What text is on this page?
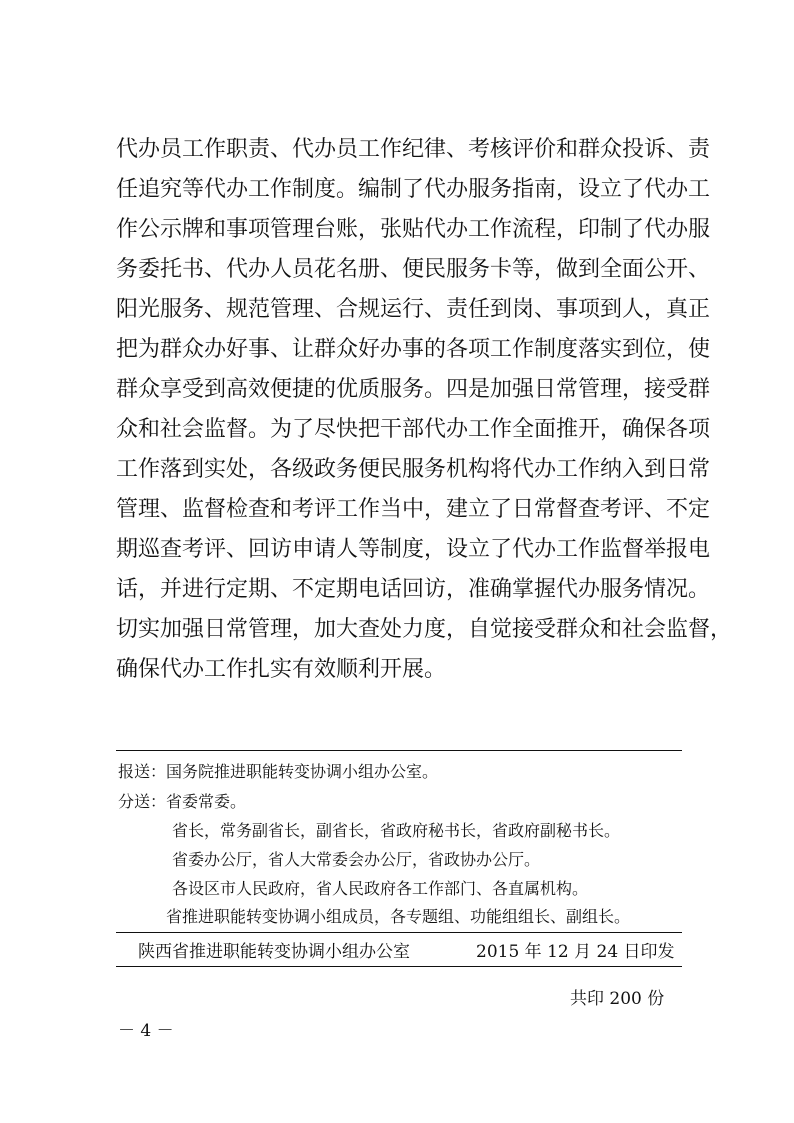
代办员工作职责、代办员工作纪律、考核评价和群众投诉、责
任追究等代办工作制度。编制了代办服务指南，设立了代办工
作公示牌和事项管理台账，张贴代办工作流程，印制了代办服
务委托书、代办人员花名册、便民服务卡等，做到全面公开、
阳光服务、规范管理、合规运行、责任到岗、事项到人，真正
把为群众办好事、让群众好办事的各项工作制度落实到位，使
群众享受到高效便捷的优质服务。四是加强日常管理，接受群
众和社会监督。为了尽快把干部代办工作全面推开，确保各项
工作落到实处，各级政务便民服务机构将代办工作纳入到日常
管理、监督检查和考评工作当中，建立了日常督查考评、不定
期巡查考评、回访申请人等制度，设立了代办工作监督举报电
话，并进行定期、不定期电话回访，准确掌握代办服务情况。
切实加强日常管理，加大查处力度，自觉接受群众和社会监督，
确保代办工作扎实有效顺利开展。
报送：国务院推进职能转变协调小组办公室。
分送：省委常委。
省长，常务副省长，副省长，省政府秘书长，省政府副秘书长。
省委办公厅，省人大常委会办公厅，省政协办公厅。
各设区市人民政府，省人民政府各工作部门、各直属机构。
省推进职能转变协调小组成员，各专题组、功能组组长、副组长。
陕西省推进职能转变协调小组办公室	2015 年 12 月 24 日印发
共印 200 份
－ 4 －
